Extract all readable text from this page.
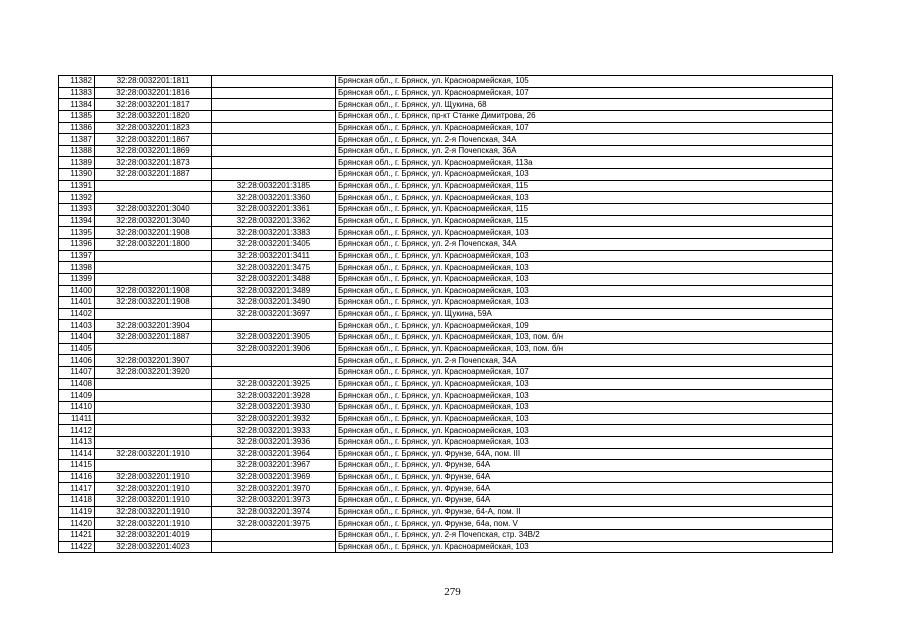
11382	32:28:0032201:1811		Брянская обл., г. Брянск, ул. Красноармейская, 105
11383	32:28:0032201:1816		Брянская обл., г. Брянск, ул. Красноармейская, 107
11384	32:28:0032201:1817		Брянская обл., г. Брянск, ул. Щукина, 68
11385	32:28:0032201:1820		Брянская обл., г. Брянск, пр-кт Станке Димитрова, 26
11386	32:28:0032201:1823		Брянская обл., г. Брянск, ул. Красноармейская, 107
11387	32:28:0032201:1867		Брянская обл., г. Брянск, ул. 2-я Почепская, 34А
11388	32:28:0032201:1869		Брянская обл., г. Брянск, ул. 2-я Почепская, 36А
11389	32:28:0032201:1873		Брянская обл., г. Брянск, ул. Красноармейская, 113а
11390	32:28:0032201:1887		Брянская обл., г. Брянск, ул. Красноармейская, 103
11391		32:28:0032201:3185	Брянская обл., г. Брянск, ул. Красноармейская, 115
11392		32:28:0032201:3360	Брянская обл., г. Брянск, ул. Красноармейская, 103
11393	32:28:0032201:3040	32:28:0032201:3361	Брянская обл., г. Брянск, ул. Красноармейская, 115
11394	32:28:0032201:3040	32:28:0032201:3362	Брянская обл., г. Брянск, ул. Красноармейская, 115
11395	32:28:0032201:1908	32:28:0032201:3383	Брянская обл., г. Брянск, ул. Красноармейская, 103
11396	32:28:0032201:1800	32:28:0032201:3405	Брянская обл., г. Брянск, ул. 2-я Почепская, 34А
11397		32:28:0032201:3411	Брянская обл., г. Брянск, ул. Красноармейская, 103
11398		32:28:0032201:3475	Брянская обл., г. Брянск, ул. Красноармейская, 103
11399		32:28:0032201:3488	Брянская обл., г. Брянск, ул. Красноармейская, 103
11400	32:28:0032201:1908	32:28:0032201:3489	Брянская обл., г. Брянск, ул. Красноармейская, 103
11401	32:28:0032201:1908	32:28:0032201:3490	Брянская обл., г. Брянск, ул. Красноармейская, 103
11402		32:28:0032201:3697	Брянская обл., г. Брянск, ул. Щукина, 59А
11403	32:28:0032201:3904		Брянская обл., г. Брянск, ул. Красноармейская, 109
11404	32:28:0032201:1887	32:28:0032201:3905	Брянская обл., г. Брянск, ул. Красноармейская, 103, пом. б/н
11405		32:28:0032201:3906	Брянская обл., г. Брянск, ул. Красноармейская, 103, пом. б/н
11406	32:28:0032201:3907		Брянская обл., г. Брянск, ул. 2-я Почепская, 34А
11407	32:28:0032201:3920		Брянская обл., г. Брянск, ул. Красноармейская, 107
11408		32:28:0032201:3925	Брянская обл., г. Брянск, ул. Красноармейская, 103
11409		32:28:0032201:3928	Брянская обл., г. Брянск, ул. Красноармейская, 103
11410		32:28:0032201:3930	Брянская обл., г. Брянск, ул. Красноармейская, 103
11411		32:28:0032201:3932	Брянская обл., г. Брянск, ул. Красноармейская, 103
11412		32:28:0032201:3933	Брянская обл., г. Брянск, ул. Красноармейская, 103
11413		32:28:0032201:3936	Брянская обл., г. Брянск, ул. Красноармейская, 103
11414	32:28:0032201:1910	32:28:0032201:3964	Брянская обл., г. Брянск, ул. Фрунзе, 64А, пом. III
11415		32:28:0032201:3967	Брянская обл., г. Брянск, ул. Фрунзе, 64А
11416	32:28:0032201:1910	32:28:0032201:3969	Брянская обл., г. Брянск, ул. Фрунзе, 64А
11417	32:28:0032201:1910	32:28:0032201:3970	Брянская обл., г. Брянск, ул. Фрунзе, 64А
11418	32:28:0032201:1910	32:28:0032201:3973	Брянская обл., г. Брянск, ул. Фрунзе, 64А
11419	32:28:0032201:1910	32:28:0032201:3974	Брянская обл., г. Брянск, ул. Фрунзе, 64-А, пом. II
11420	32:28:0032201:1910	32:28:0032201:3975	Брянская обл., г. Брянск, ул. Фрунзе, 64а, пом. V
11421	32:28:0032201:4019		Брянская обл., г. Брянск, ул. 2-я Почепская, стр. 34В/2
11422	32:28:0032201:4023		Брянская обл., г. Брянск, ул. Красноармейская, 103
279
